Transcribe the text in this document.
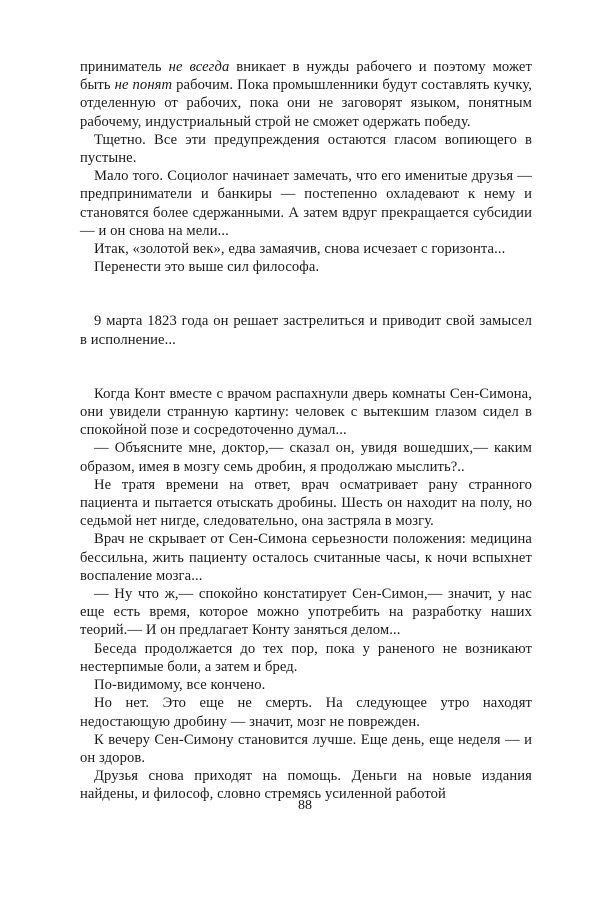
приниматель не всегда вникает в нужды рабочего и поэтому может быть не понят рабочим. Пока промышленники будут составлять кучку, отделенную от рабочих, пока они не заговорят языком, понятным рабочему, индустриальный строй не сможет одержать победу.

Тщетно. Все эти предупреждения остаются гласом вопиющего в пустыне.

Мало того. Социолог начинает замечать, что его именитые друзья — предприниматели и банкиры — постепенно охладевают к нему и становятся более сдержанными. А затем вдруг прекращается субсидии — и он снова на мели...

Итак, «золотой век», едва замаячив, снова исчезает с горизонта...

Перенести это выше сил философа.

9 марта 1823 года он решает застрелиться и приводит свой замысел в исполнение...

Когда Конт вместе с врачом распахнули дверь комнаты Сен-Симона, они увидели странную картину: человек с вытекшим глазом сидел в спокойной позе и сосредоточенно думал...

— Объясните мне, доктор,— сказал он, увидя вошедших,— каким образом, имея в мозгу семь дробин, я продолжаю мыслить?..

Не тратя времени на ответ, врач осматривает рану странного пациента и пытается отыскать дробины. Шесть он находит на полу, но седьмой нет нигде, следовательно, она застряла в мозгу.

Врач не скрывает от Сен-Симона серьезности положения: медицина бессильна, жить пациенту осталось считанные часы, к ночи вспыхнет воспаление мозга...

— Ну что ж,— спокойно констатирует Сен-Симон,— значит, у нас еще есть время, которое можно употребить на разработку наших теорий.— И он предлагает Конту заняться делом...

Беседа продолжается до тех пор, пока у раненого не возникают нестерпимые боли, а затем и бред.

По-видимому, все кончено.

Но нет. Это еще не смерть. На следующее утро находят недостающую дробину — значит, мозг не поврежден.

К вечеру Сен-Симону становится лучше. Еще день, еще неделя — и он здоров.

Друзья снова приходят на помощь. Деньги на новые издания найдены, и философ, словно стремясь усиленной работой

88
